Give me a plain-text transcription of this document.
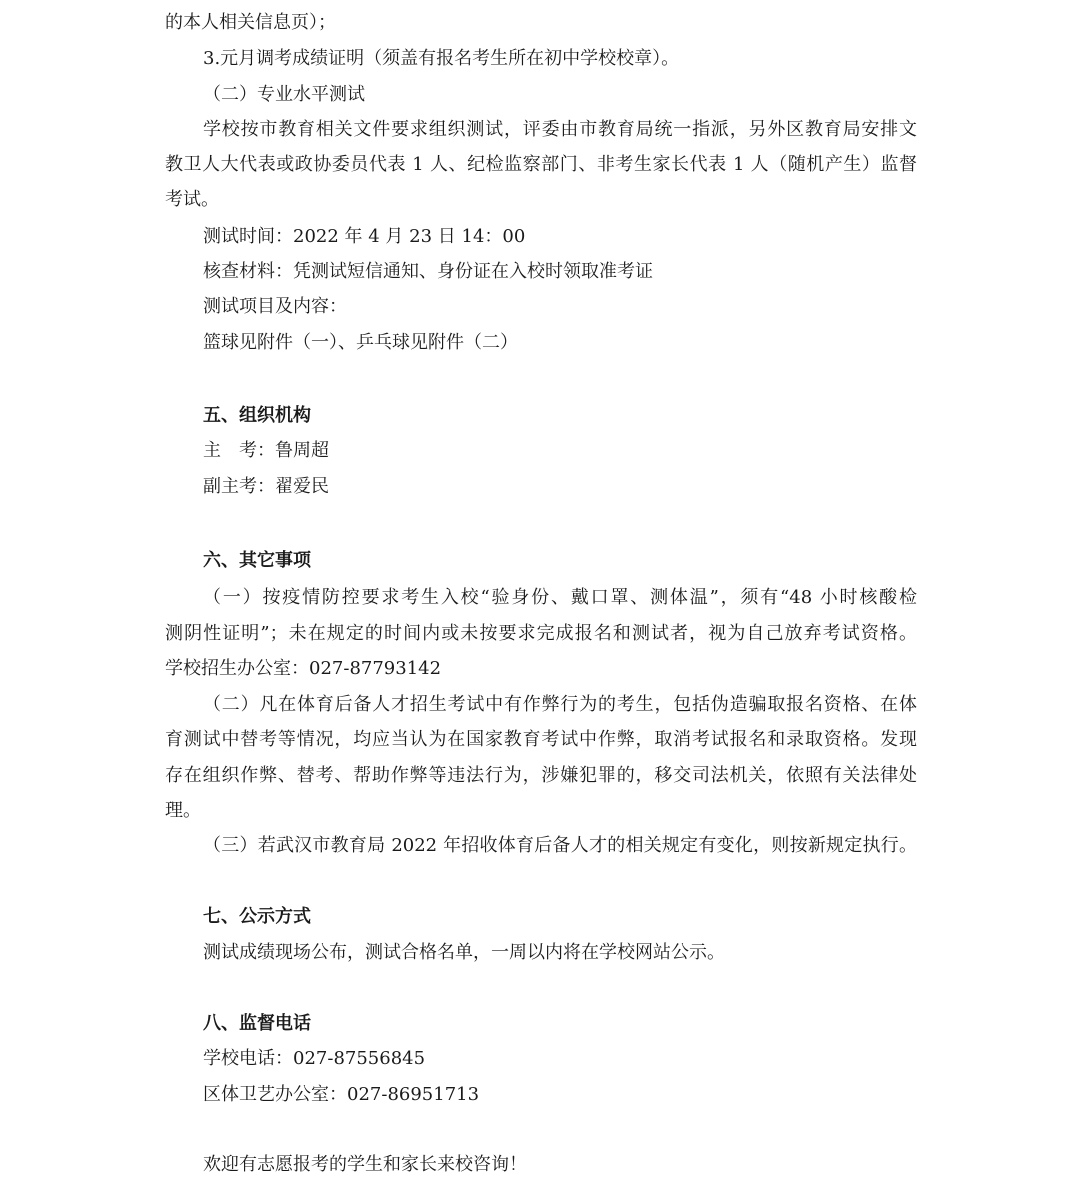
的本人相关信息页）；
3.元月调考成绩证明（须盖有报名考生所在初中学校校章）。
（二）专业水平测试
学校按市教育相关文件要求组织测试，评委由市教育局统一指派，另外区教育局安排文
教卫人大代表或政协委员代表 1 人、纪检监察部门、非考生家长代表 1 人（随机产生）监督
考试。
测试时间：2022 年 4 月 23 日 14：00
核查材料：凭测试短信通知、身份证在入校时领取准考证
测试项目及内容：
篮球见附件（一）、乒乓球见附件（二）
五、组织机构
主　考：鲁周超
副主考：翟爱民
六、其它事项
（一）按疫情防控要求考生入校“验身份、戴口罩、测体温”，须有“48 小时核酸检
测阴性证明”；未在规定的时间内或未按要求完成报名和测试者，视为自己放弃考试资格。
学校招生办公室：027-87793142
（二）凡在体育后备人才招生考试中有作弊行为的考生，包括伪造骗取报名资格、在体
育测试中替考等情况，均应当认为在国家教育考试中作弊，取消考试报名和录取资格。发现
存在组织作弊、替考、帮助作弊等违法行为，涉嫌犯罪的，移交司法机关，依照有关法律处
理。
（三）若武汉市教育局 2022 年招收体育后备人才的相关规定有变化，则按新规定执行。
七、公示方式
测试成绩现场公布，测试合格名单，一周以内将在学校网站公示。
八、监督电话
学校电话：027-87556845
区体卫艺办公室：027-86951713
欢迎有志愿报考的学生和家长来校咨询！
